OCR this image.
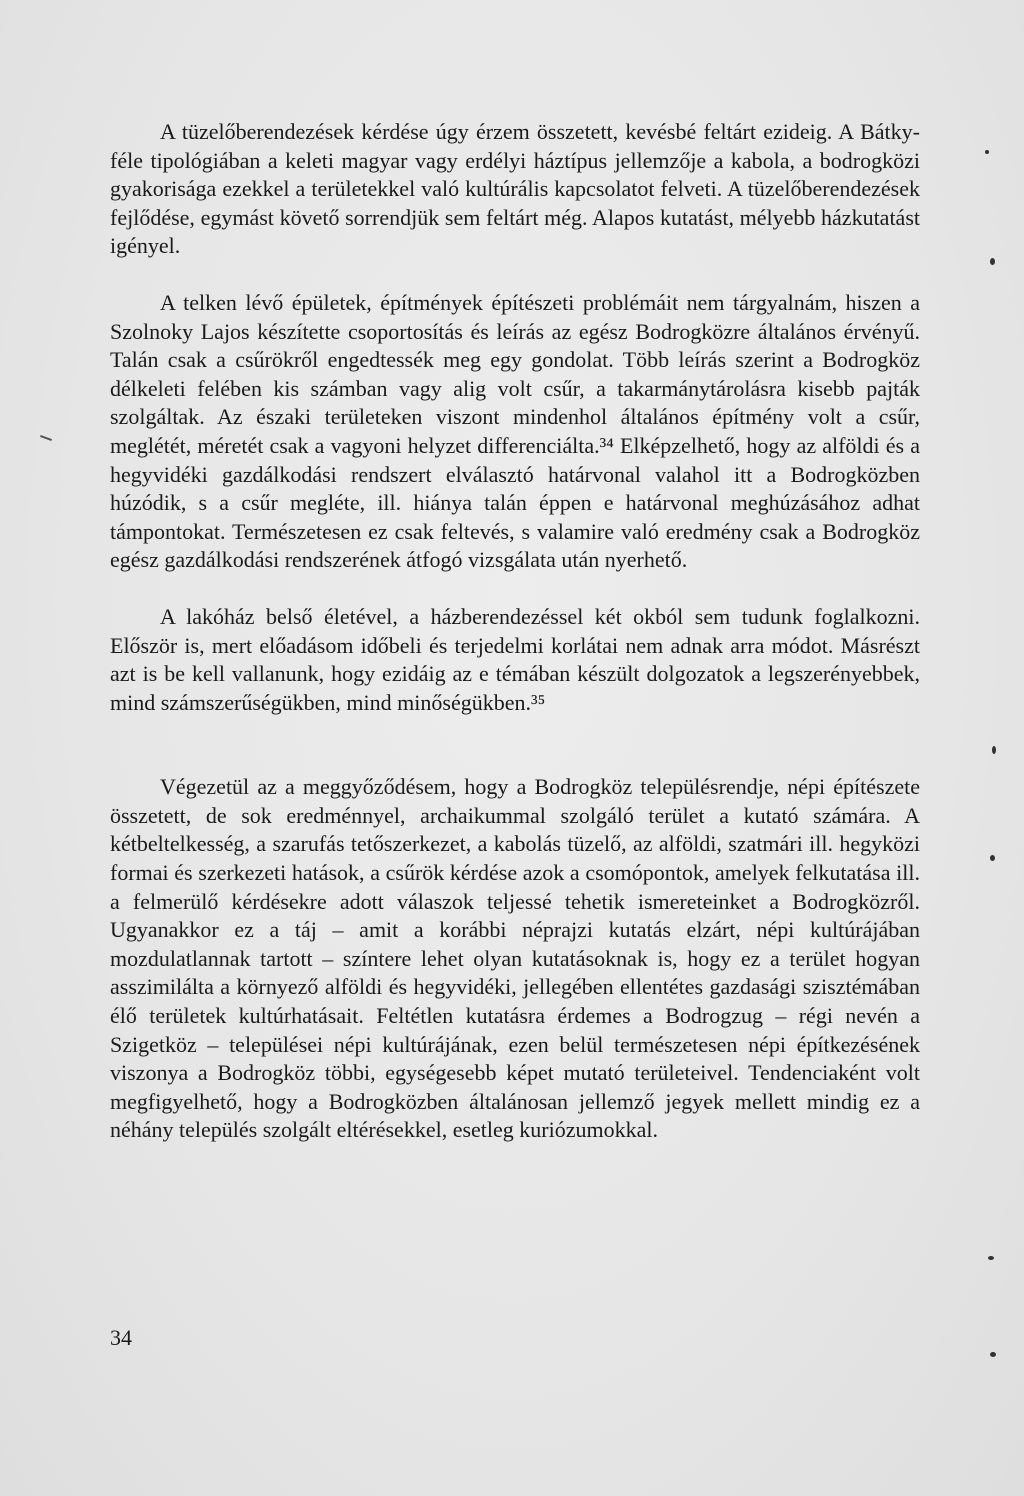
A tüzelőberendezések kérdése úgy érzem összetett, kevésbé feltárt ezideig. A Bátky-féle tipológiában a keleti magyar vagy erdélyi háztípus jellemzője a kabola, a bodrogközi gyakorisága ezekkel a területekkel való kultúrális kapcsolatot felveti. A tüzelőberendezések fejlődése, egymást követő sorrendjük sem feltárt még. Alapos kutatást, mélyebb házkutatást igényel.

A telken lévő épületek, építmények építészeti problémáit nem tárgyalnám, hiszen a Szolnoky Lajos készítette csoportosítás és leírás az egész Bodrogközre általános érvényű. Talán csak a csűrökről engedtessék meg egy gondolat. Több leírás szerint a Bodrogköz délkeleti felében kis számban vagy alig volt csűr, a takarmánytárolásra kisebb pajták szolgáltak. Az északi területeken viszont mindenhol általános építmény volt a csűr, meglétét, méretét csak a vagyoni helyzet differenciálta.³⁴ Elképzelhető, hogy az alföldi és a hegyvidéki gazdálkodási rendszert elválasztó határvonal valahol itt a Bodrogközben húzódik, s a csűr megléte, ill. hiánya talán éppen e határvonal meghúzásához adhat támpontokat. Természetesen ez csak feltevés, s valamire való eredmény csak a Bodrogköz egész gazdálkodási rendszerének átfogó vizsgálata után nyerhető.

A lakóház belső életével, a házberendezéssel két okból sem tudunk foglalkozni. Először is, mert előadásom időbeli és terjedelmi korlátai nem adnak arra módot. Másrészt azt is be kell vallanunk, hogy ezidáig az e témában készült dolgozatok a legszerényebbek, mind számszerűségükben, mind minőségükben.³⁵

Végezetül az a meggyőződésem, hogy a Bodrogköz településrendje, népi építészete összetett, de sok eredménnyel, archaikummal szolgáló terület a kutató számára. A kétbeltelkesség, a szarufás tetőszerkezet, a kabolás tüzelő, az alföldi, szatmári ill. hegyközi formai és szerkezeti hatások, a csűrök kérdése azok a csomópontok, amelyek felkutatása ill. a felmerülő kérdésekre adott válaszok teljessé tehetik ismereteinket a Bodrogközről. Ugyanakkor ez a táj – amit a korábbi néprajzi kutatás elzárt, népi kultúrájában mozdulatlannak tartott – színtere lehet olyan kutatásoknak is, hogy ez a terület hogyan asszimilálta a környező alföldi és hegyvidéki, jellegében ellentétes gazdasági szisztémában élő területek kultúrhatásait. Feltétlen kutatásra érdemes a Bodrogzug – régi nevén a Szigetköz – települései népi kultúrájának, ezen belül természetesen népi építkezésének viszonya a Bodrogköz többi, egységesebb képet mutató területeivel. Tendenciaként volt megfigyelhető, hogy a Bodrogközben általánosan jellemző jegyek mellett mindig ez a néhány település szolgált eltérésekkel, esetleg kuriózumokkal.

34
